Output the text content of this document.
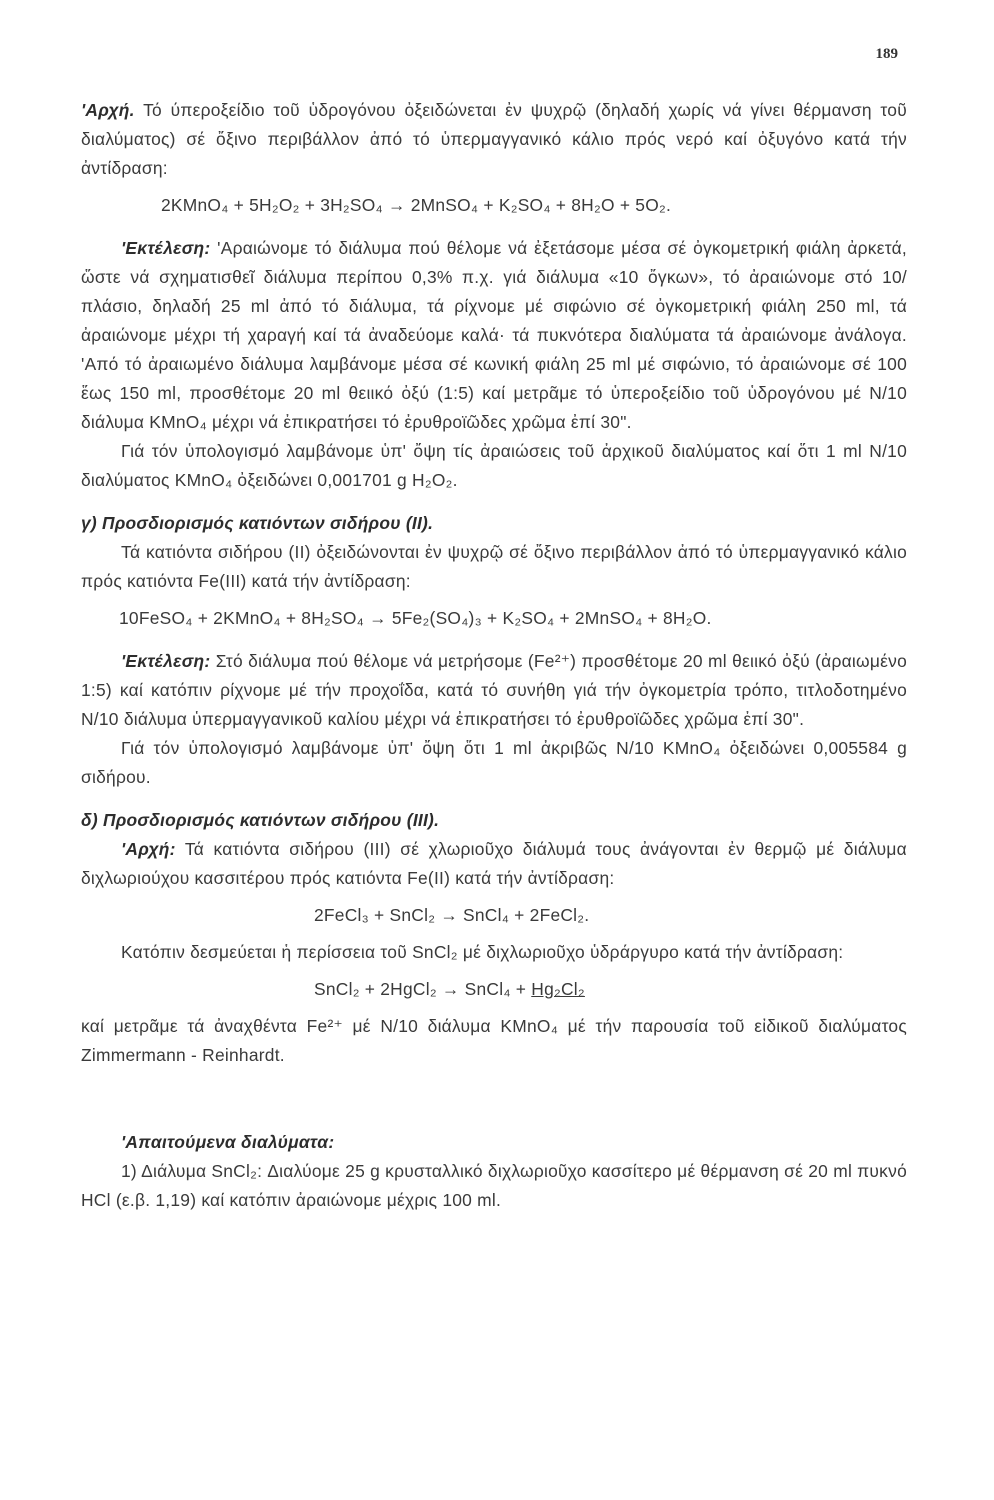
189

'Αρχή. Τό ύπεροξείδιο τοῦ ὑδρογόνου ὀξειδώνεται ἐν ψυχρῷ (δηλαδή χωρίς νά γίνει θέρμανση τοῦ διαλύματος) σέ ὄξινο περιβάλλον ἀπό τό ὑπερμαγγανικό κάλιο πρός νερό καί ὀξυγόνο κατά τήν ἀντίδραση:

2KMnO₄ + 5H₂O₂ + 3H₂SO₄ → 2MnSO₄ + K₂SO₄ + 8H₂O + 5O₂.

'Εκτέλεση: 'Αραιώνομε τό διάλυμα πού θέλομε νά ἐξετάσομε μέσα σέ ὀγκομετρική φιάλη ἀρκετά, ὥστε νά σχηματισθεῖ διάλυμα περίπου 0,3% π.χ. γιά διάλυμα «10 ὄγκων», τό ἀραιώνομε στό 10/πλάσιο, δηλαδή 25 ml ἀπό τό διάλυμα, τά ρίχνομε μέ σιφώνιο σέ ὀγκομετρική φιάλη 250 ml, τά ἀραιώνομε μέχρι τή χαραγή καί τά ἀναδεύομε καλά· τά πυκνότερα διαλύματα τά ἀραιώνομε ἀνάλογα. 'Από τό ἀραιωμένο διάλυμα λαμβάνομε μέσα σέ κωνική φιάλη 25 ml μέ σιφώνιο, τό ἀραιώνομε σέ 100 ἕως 150 ml, προσθέτομε 20 ml θειικό ὀξύ (1:5) καί μετρᾶμε τό ὑπεροξείδιο τοῦ ὑδρογόνου μέ N/10 διάλυμα KMnO₄ μέχρι νά ἐπικρατήσει τό ἐρυθροϊῶδες χρῶμα ἐπί 30".

Γιά τόν ὑπολογισμό λαμβάνομε ὑπ' ὄψη τίς ἀραιώσεις τοῦ ἀρχικοῦ διαλύματος καί ὅτι 1 ml N/10 διαλύματος KMnO₄ ὀξειδώνει 0,001701 g H₂O₂.

γ) Προσδιορισμός κατιόντων σιδήρου (ΙΙ).

Τά κατιόντα σιδήρου (ΙΙ) ὀξειδώνονται ἐν ψυχρῷ σέ ὄξινο περιβάλλον ἀπό τό ὑπερμαγγανικό κάλιο πρός κατιόντα Fe(III) κατά τήν ἀντίδραση:

10FeSO₄ + 2KMnO₄ + 8H₂SO₄ → 5Fe₂(SO₄)₃ + K₂SO₄ + 2MnSO₄ + 8H₂O.

'Εκτέλεση: Στό διάλυμα πού θέλομε νά μετρήσομε (Fe²⁺) προσθέτομε 20 ml θειικό ὀξύ (ἀραιωμένο 1:5) καί κατόπιν ρίχνομε μέ τήν προχοΐδα, κατά τό συνήθη γιά τήν ὀγκομετρία τρόπο, τιτλοδοτημένο N/10 διάλυμα ὑπερμαγγανικοῦ καλίου μέχρι νά ἐπικρατήσει τό ἐρυθροϊῶδες χρῶμα ἐπί 30".

Γιά τόν ὑπολογισμό λαμβάνομε ὑπ' ὄψη ὅτι 1 ml ἀκριβῶς N/10 KMnO₄ ὀξειδώνει 0,005584 g σιδήρου.

δ) Προσδιορισμός κατιόντων σιδήρου (ΙΙΙ).

'Αρχή: Τά κατιόντα σιδήρου (ΙΙΙ) σέ χλωριοῦχο διάλυμά τους ἀνάγονται ἐν θερμῷ μέ διάλυμα διχλωριούχου κασσιτέρου πρός κατιόντα Fe(II) κατά τήν ἀντίδραση:

2FeCl₃ + SnCl₂ → SnCl₄ + 2FeCl₂.

Κατόπιν δεσμεύεται ἡ περίσσεια τοῦ SnCl₂ μέ διχλωριοῦχο ὑδράργυρο κατά τήν ἀντίδραση:

SnCl₂ + 2HgCl₂ → SnCl₄ + Hg₂Cl₂

καί μετρᾶμε τά ἀναχθέντα Fe²⁺ μέ N/10 διάλυμα KMnO₄ μέ τήν παρουσία τοῦ εἰδικοῦ διαλύματος Zimmermann - Reinhardt.

'Απαιτούμενα διαλύματα:

1) Διάλυμα SnCl₂: Διαλύομε 25 g κρυσταλλικό διχλωριοῦχο κασσίτερο μέ θέρμανση σέ 20 ml πυκνό HCl (ε.β. 1,19) καί κατόπιν ἀραιώνομε μέχρις 100 ml.
